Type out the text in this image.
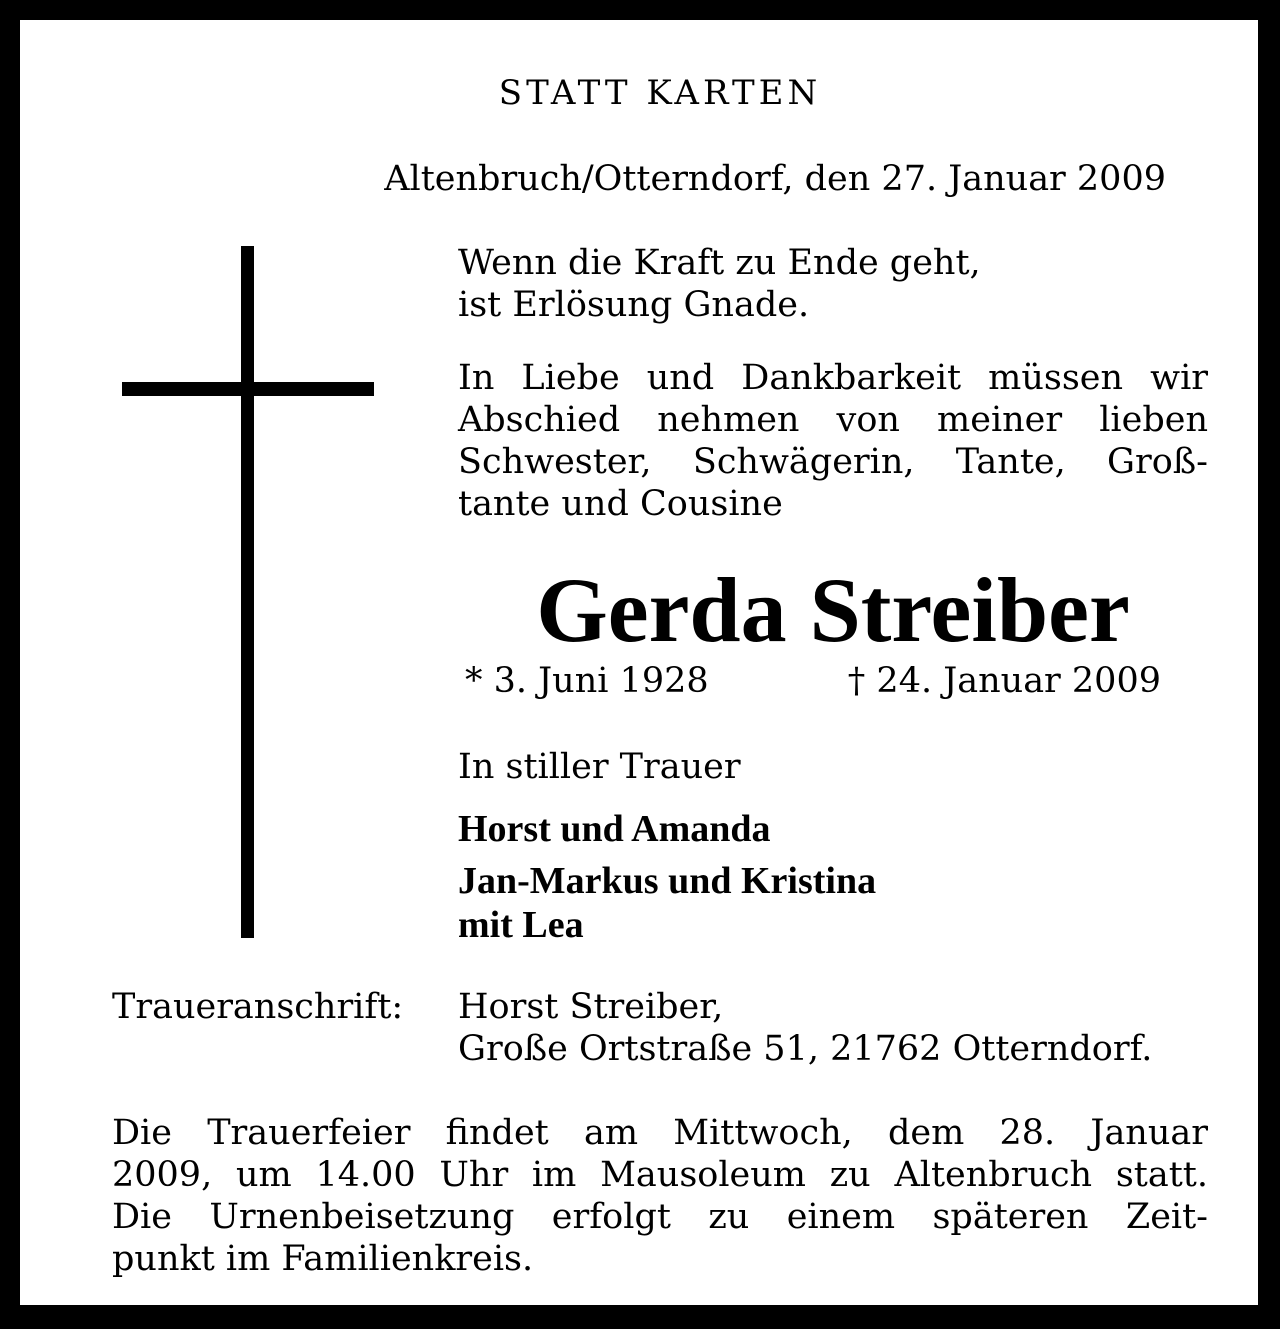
STATT KARTEN

Altenbruch/Otterndorf, den 27. Januar 2009

Wenn die Kraft zu Ende geht,

ist Erlösung Gnade.

In Liebe und Dankbarkeit müssen wir

Abschied nehmen von meiner lieben

Schwester, Schwägerin, Tante, Groß-

tante und Cousine

Gerda Streiber

* 3. Juni 1928	† 24. Januar 2009

In stiller Trauer

Horst und Amanda

Jan-Markus und Kristina

mit Lea

Traueranschrift: Horst Streiber,

Große Ortstraße 51, 21762 Otterndorf.

Die Trauerfeier findet am Mittwoch, dem 28. Januar

2009, um 14.00 Uhr im Mausoleum zu Altenbruch statt.

Die Urnenbeisetzung erfolgt zu einem späteren Zeit-

punkt im Familienkreis.
